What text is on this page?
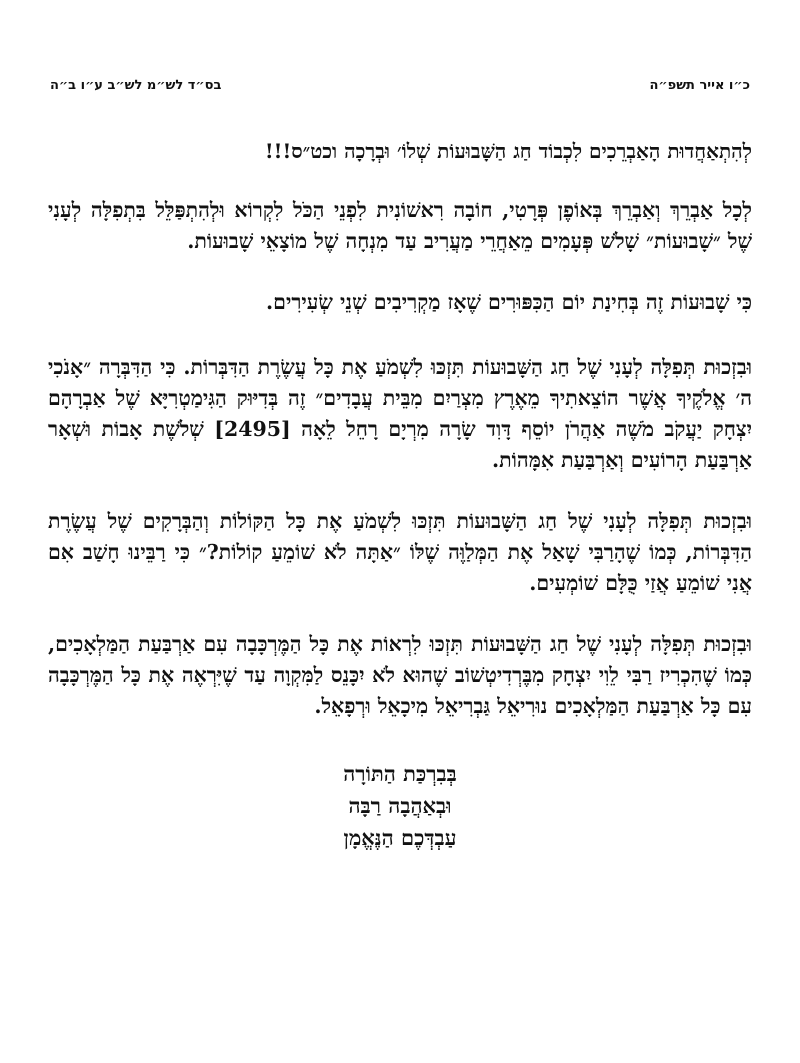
כ״ו אייר תשפ״ה
בס״ד לש״מ לש״ב ע״ו ב״ה
לְהִתְאַחֲדוּת הָאַבְרֵכִים לִכְבוֹד חַג הַשָּׁבוּעוֹת שְׁלוֹ׳ וּבְרָכָה וכט״ס!!!

לְכָל אַבְרֵךְ וְאַבְרֵךְ בְּאוֹפֶן פְּרָטִי, חוֹבָה רִאשׁוֹנִית לִפְנֵי הַכֹּל לִקְרוֹא וּלְהִתְפַּלֵּל בִּתְפִלָּה לְעָנִי שֶׁל ״שָׁבוּעוֹת״ שָׁלֹשׁ פְּעָמִים מֵאַחֲרֵי מַעֲרִיב עַד מִנְחָה שֶׁל מוֹצָאֵי שָׁבוּעוֹת.

כִּי שָׁבוּעוֹת זֶה בְּחִינַת יוֹם הַכִּפּוּרִים שֶׁאָז מַקְרִיבִים שְׁנֵי שְׂעִירִים.

וּבִזְכוּת תְּפִלָּה לְעָנִי שֶׁל חַג הַשָּׁבוּעוֹת תִּזְכּוּ לִשְׁמֹעַ אֶת כָּל עֲשֶׂרֶת הַדִּבְּרוֹת. כִּי הַדִּבְּרָה ״אָנֹכִי ה׳ אֱלֹקֶיךָ אֲשֶׁר הוֹצֵאתִיךָ מֵאֶרֶץ מִצְרַיִם מִבֵּית עֲבָדִים״ זֶה בְּדִיּוּק הַגִּימַטְרִיָּא שֶׁל אַבְרָהָם יִצְחָק יַעֲקֹב מֹשֶׁה אַהֲרֹן יוֹסֵף דָּוִד שָׂרָה מִרְיָם רָחֵל לֵאָה [2495] שְׁלֹשֶׁת אָבוֹת וּשְׁאָר אַרְבַּעַת הָרוֹעִים וְאַרְבַּעַת אִמָּהוֹת.

וּבִזְכוּת תְּפִלָּה לְעָנִי שֶׁל חַג הַשָּׁבוּעוֹת תִּזְכּוּ לִשְׁמֹעַ אֶת כָּל הַקּוֹלוֹת וְהַבְּרָקִים שֶׁל עֲשֶׂרֶת הַדִּבְּרוֹת, כְּמוֹ שֶׁהָרַבִּי שָׁאַל אֶת הַמְּלַוֶּה שֶׁלּוֹ ״אַתָּה לֹא שׁוֹמֵעַ קוֹלוֹת?״ כִּי רַבֵּינוּ חָשַׁב אִם אֲנִי שׁוֹמֵעַ אֲזַי כֻּלָּם שׁוֹמְעִים.

וּבִזְכוּת תְּפִלָּה לְעָנִי שֶׁל חַג הַשָּׁבוּעוֹת תִּזְכּוּ לִרְאוֹת אֶת כָּל הַמֶּרְכָּבָה עִם אַרְבַּעַת הַמַּלְאָכִים, כְּמוֹ שֶׁהִכְרִיז רַבִּי לֵוִי יִצְחָק מִבֶּרְדִיטְשׁוֹב שֶׁהוּא לֹא יִכָּנֵס לַמִּקְוָה עַד שֶׁיִּרְאֶה אֶת כָּל הַמֶּרְכָּבָה עִם כָּל אַרְבַּעַת הַמַּלְאָכִים נוּרִיאֵל גַּבְרִיאֵל מִיכָאֵל וּרְפָאֵל.

בְּבִרְכַּת הַתּוֹרָה
וּבְאַהֲבָה רַבָּה
עַבְדְּכֶם הַנֶּאֱמָן
